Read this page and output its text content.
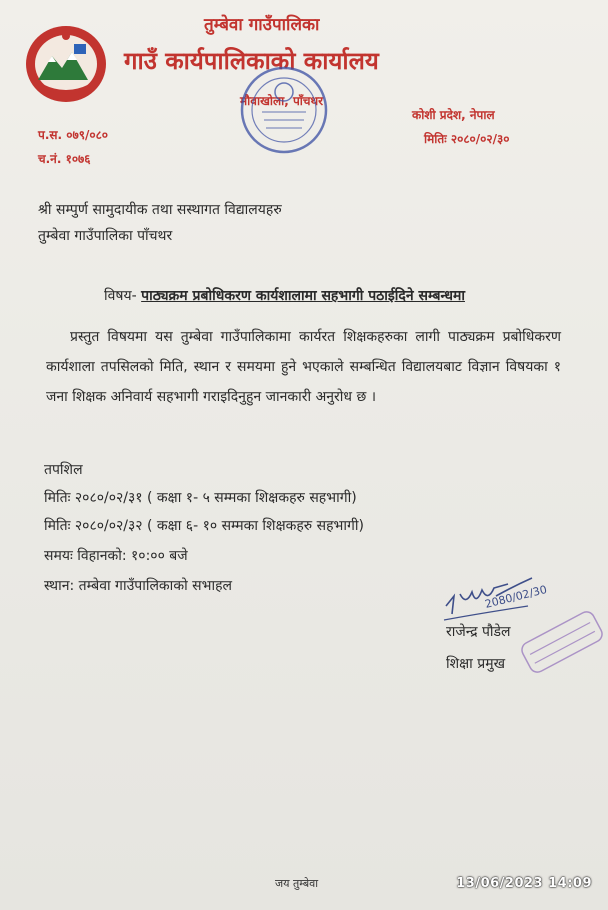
तुम्बेवा गाउँपालिका
गाउँ कार्यपालिकाको कार्यालय
मौवाखोला, पाँचथर
कोशी प्रदेश, नेपाल
मितिः २०८०/०२/३०
प.स. ०७९/०८०
च.नं. १०७६
श्री सम्पुर्ण सामुदायीक तथा सस्थागत विद्यालयहरु
तुम्बेवा गाउँपालिका पाँचथर
विषय- पाठ्यक्रम प्रबोधिकरण कार्यशालामा सहभागी पठाईदिने सम्बन्धमा
प्रस्तुत विषयमा यस तुम्बेवा गाउँपालिकामा कार्यरत शिक्षकहरुका लागी पाठ्यक्रम प्रबोधिकरण कार्यशाला तपसिलको मिति, स्थान र समयमा हुने भएकाले सम्बन्धित विद्यालयबाट विज्ञान विषयका १ जना शिक्षक अनिवार्य सहभागी गराइदिनुहुन जानकारी अनुरोध छ ।
तपशिल
मितिः २०८०/०२/३१ ( कक्षा १- ५ सम्मका शिक्षकहरु सहभागी)
मितिः २०८०/०२/३२ ( कक्षा ६- १० सम्मका शिक्षकहरु सहभागी)
समयः विहानको: १०:०० बजे
स्थान: तम्बेवा गाउँपालिकाको सभाहल	2080/02/30
राजेन्द्र पौडेल
शिक्षा प्रमुख
जय तुम्बेवा	13/06/2023 14:09
